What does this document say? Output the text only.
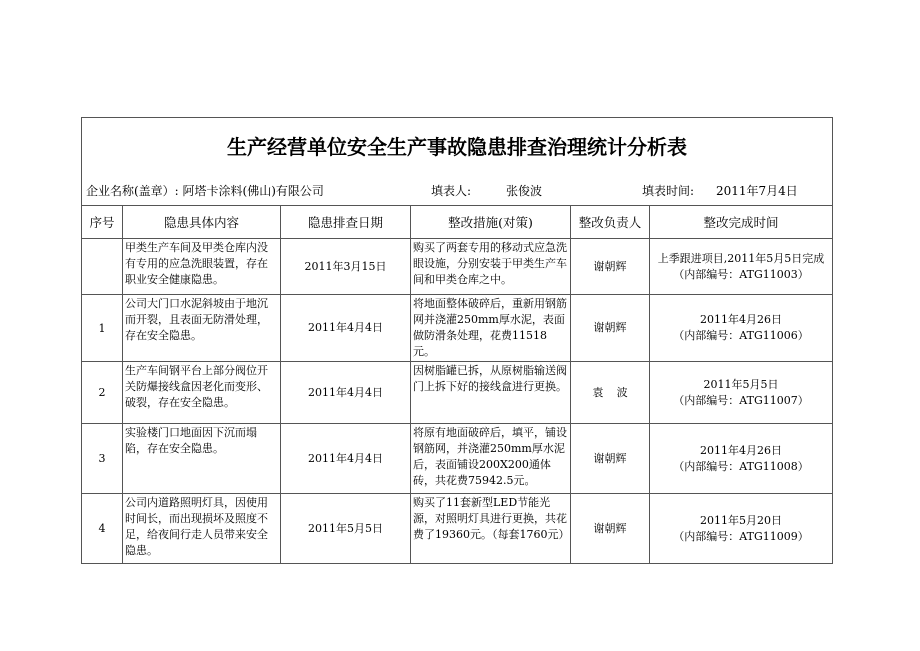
生产经营单位安全生产事故隐患排查治理统计分析表					

企业名称(盖章）: 阿塔卡涂料(佛山)有限公司 填表人: 张俊波 填表时间: 2011年7月4日					

序号	隐患具体内容	隐患排查日期	整改措施(对策)	整改负责人	整改完成时间
	甲类生产车间及甲类仓库内没有专用的应急洗眼装置，存在职业安全健康隐患。	2011年3月15日	购买了两套专用的移动式应急洗眼设施，分别安装于甲类生产车间和甲类仓库之中。	谢朝辉	上季跟进项目,2011年5月5日完成
（内部编号：ATG11003）

1	公司大门口水泥斜坡由于地沉而开裂，且表面无防滑处理，存在安全隐患。	2011年4月4日	将地面整体破碎后，重新用钢筋网并浇灌250mm厚水泥，表面做防滑条处理，花费11518元。	谢朝辉	2011年4月26日
（内部编号：ATG11006）

2	生产车间钢平台上部分阀位开关防爆接线盒因老化而变形、破裂，存在安全隐患。	2011年4月4日	因树脂罐已拆，从原树脂输送阀门上拆下好的接线盒进行更换。	袁波	2011年5月5日
（内部编号：ATG11007）

3	实验楼门口地面因下沉而塌陷，存在安全隐患。	2011年4月4日	将原有地面破碎后，填平，铺设钢筋网，并浇灌250mm厚水泥后，表面铺设200X200通体砖，共花费75942.5元。	谢朝辉	2011年4月26日
（内部编号：ATG11008）

4	公司内道路照明灯具，因使用时间长，而出现损坏及照度不足，给夜间行走人员带来安全隐患。	2011年5月5日	购买了11套新型LED节能光源，对照明灯具进行更换，共花费了19360元。（每套1760元）	谢朝辉	2011年5月20日
（内部编号：ATG11009）
